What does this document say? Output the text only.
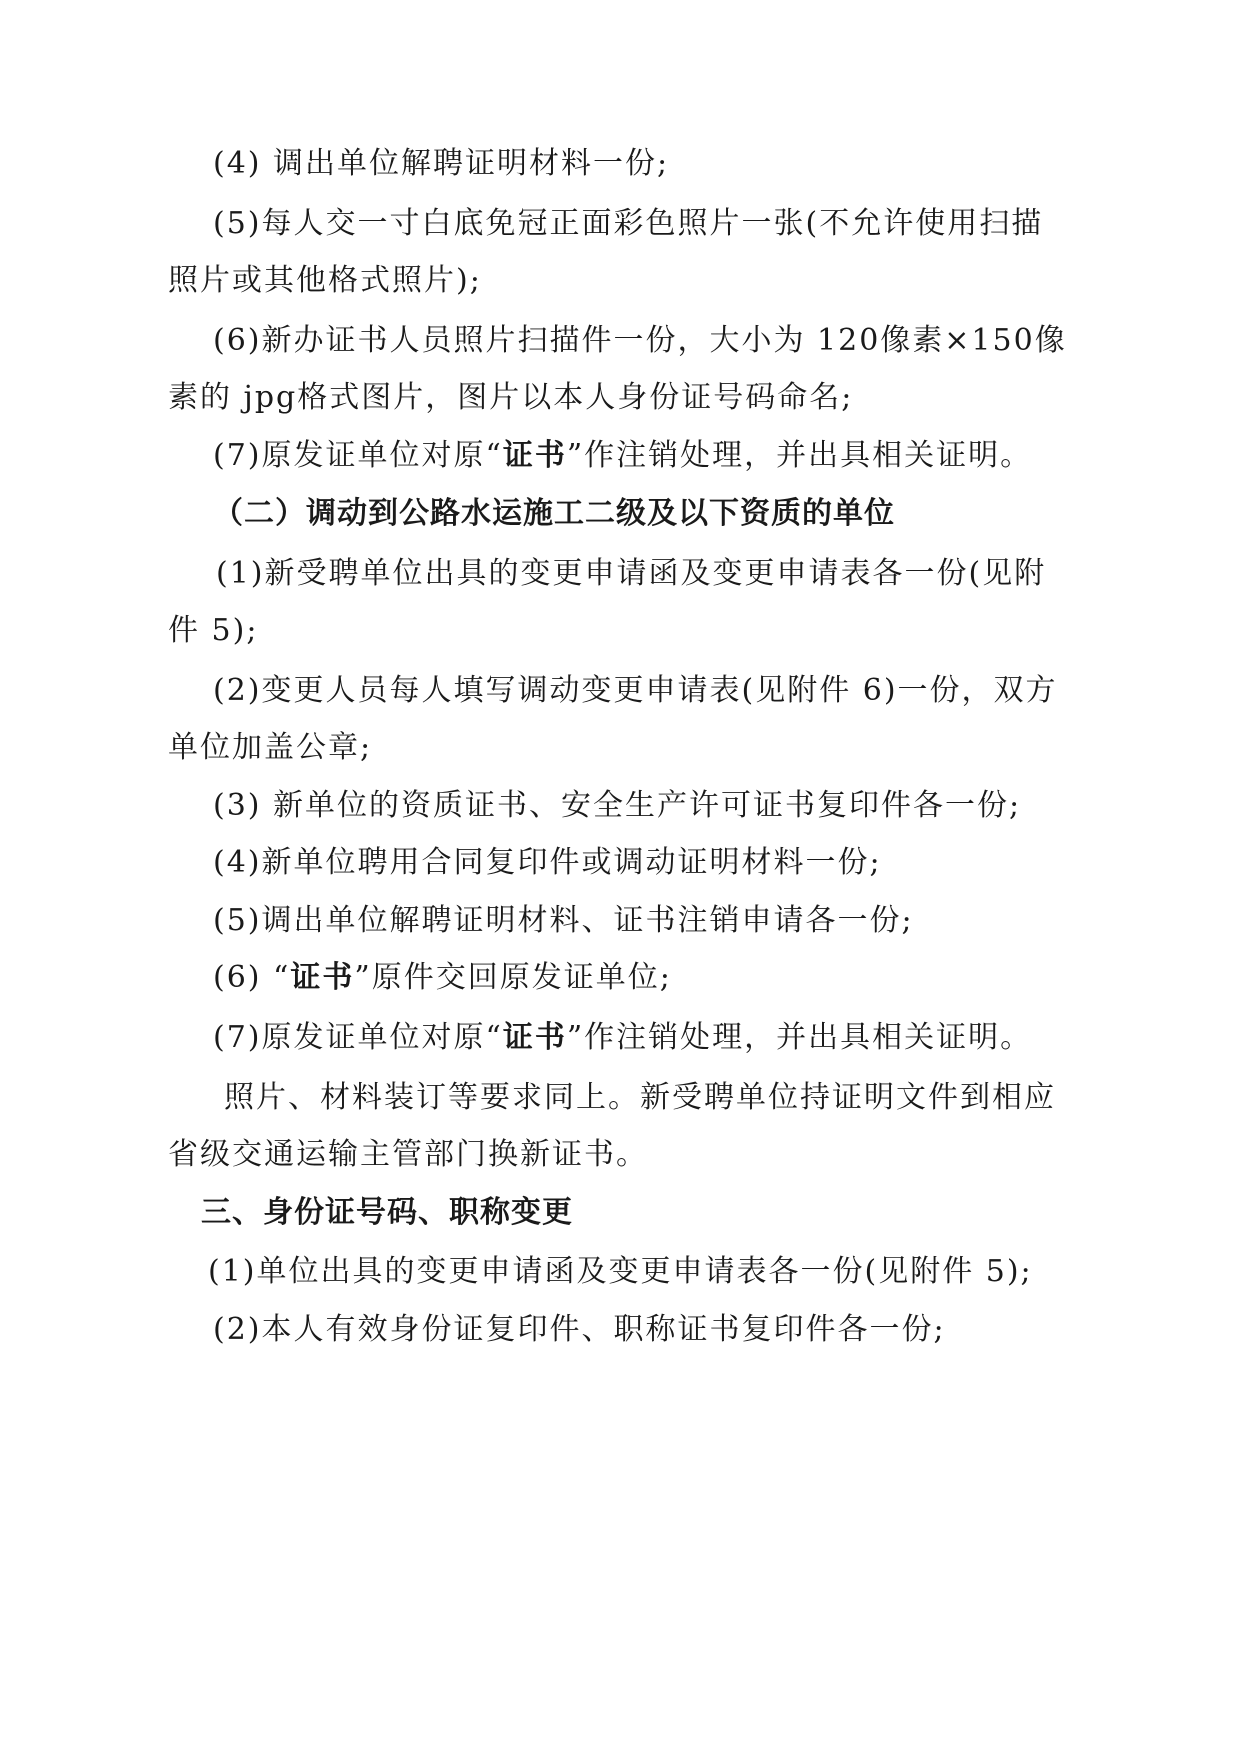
(4) 调出单位解聘证明材料一份;

(5)每人交一寸白底免冠正面彩色照片一张(不允许使用扫描

照片或其他格式照片);

(6)新办证书人员照片扫描件一份，大小为 120像素×150像

素的 jpg格式图片，图片以本人身份证号码命名;

(7)原发证单位对原“证书”作注销处理，并出具相关证明。

（二）调动到公路水运施工二级及以下资质的单位

(1)新受聘单位出具的变更申请函及变更申请表各一份(见附

件 5);

(2)变更人员每人填写调动变更申请表(见附件 6)一份，双方

单位加盖公章;

(3) 新单位的资质证书、安全生产许可证书复印件各一份;

(4)新单位聘用合同复印件或调动证明材料一份;

(5)调出单位解聘证明材料、证书注销申请各一份;

(6) “证书”原件交回原发证单位;

(7)原发证单位对原“证书”作注销处理，并出具相关证明。

照片、材料装订等要求同上。新受聘单位持证明文件到相应

省级交通运输主管部门换新证书。

三、身份证号码、职称变更

(1)单位出具的变更申请函及变更申请表各一份(见附件 5);

(2)本人有效身份证复印件、职称证书复印件各一份;
